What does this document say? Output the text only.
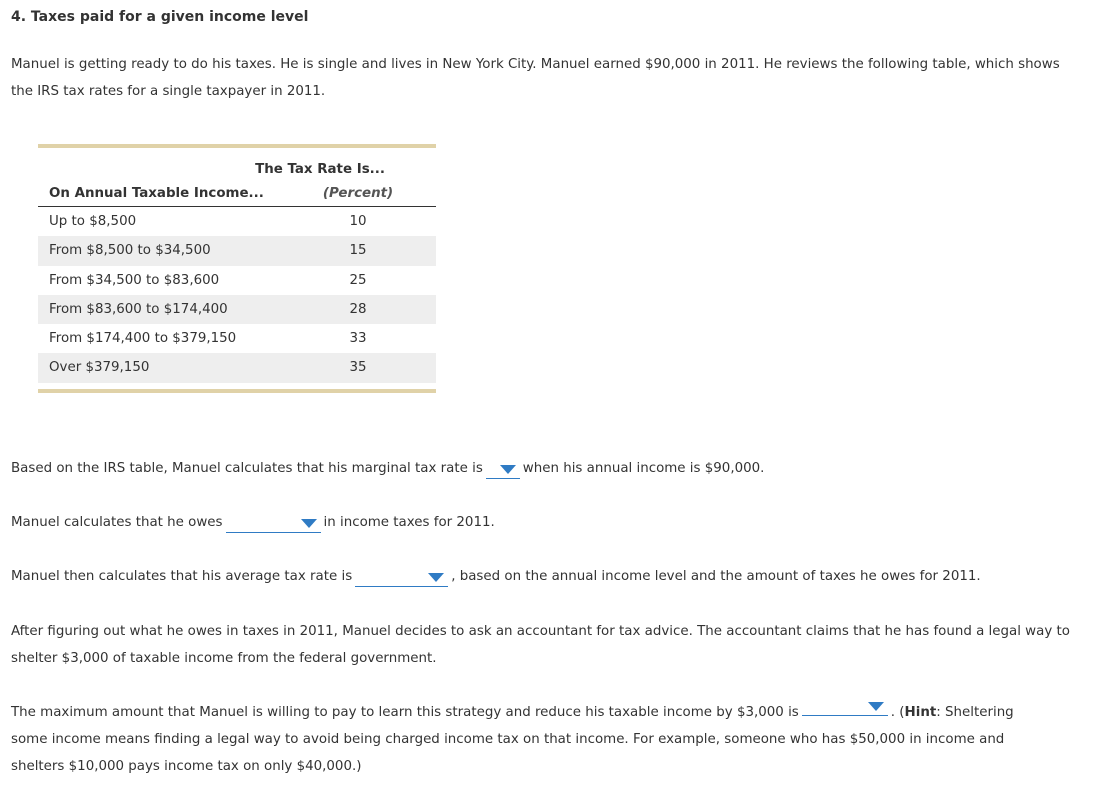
4. Taxes paid for a given income level
Manuel is getting ready to do his taxes. He is single and lives in New York City. Manuel earned $90,000 in 2011. He reviews the following table, which shows the IRS tax rates for a single taxpayer in 2011.
The Tax Rate Is...
On Annual Taxable Income...	(Percent)
Up to $8,500	10
From $8,500 to $34,500	15
From $34,500 to $83,600	25
From $83,600 to $174,400	28
From $174,400 to $379,150	33
Over $379,150	35
Based on the IRS table, Manuel calculates that his marginal tax rate is	when his annual income is $90,000.
Manuel calculates that he owes	in income taxes for 2011.
Manuel then calculates that his average tax rate is	, based on the annual income level and the amount of taxes he owes for 2011.
After figuring out what he owes in taxes in 2011, Manuel decides to ask an accountant for tax advice. The accountant claims that he has found a legal way to shelter $3,000 of taxable income from the federal government.
The maximum amount that Manuel is willing to pay to learn this strategy and reduce his taxable income by $3,000 is	. (Hint: Sheltering some income means finding a legal way to avoid being charged income tax on that income. For example, someone who has $50,000 in income and shelters $10,000 pays income tax on only $40,000.)
